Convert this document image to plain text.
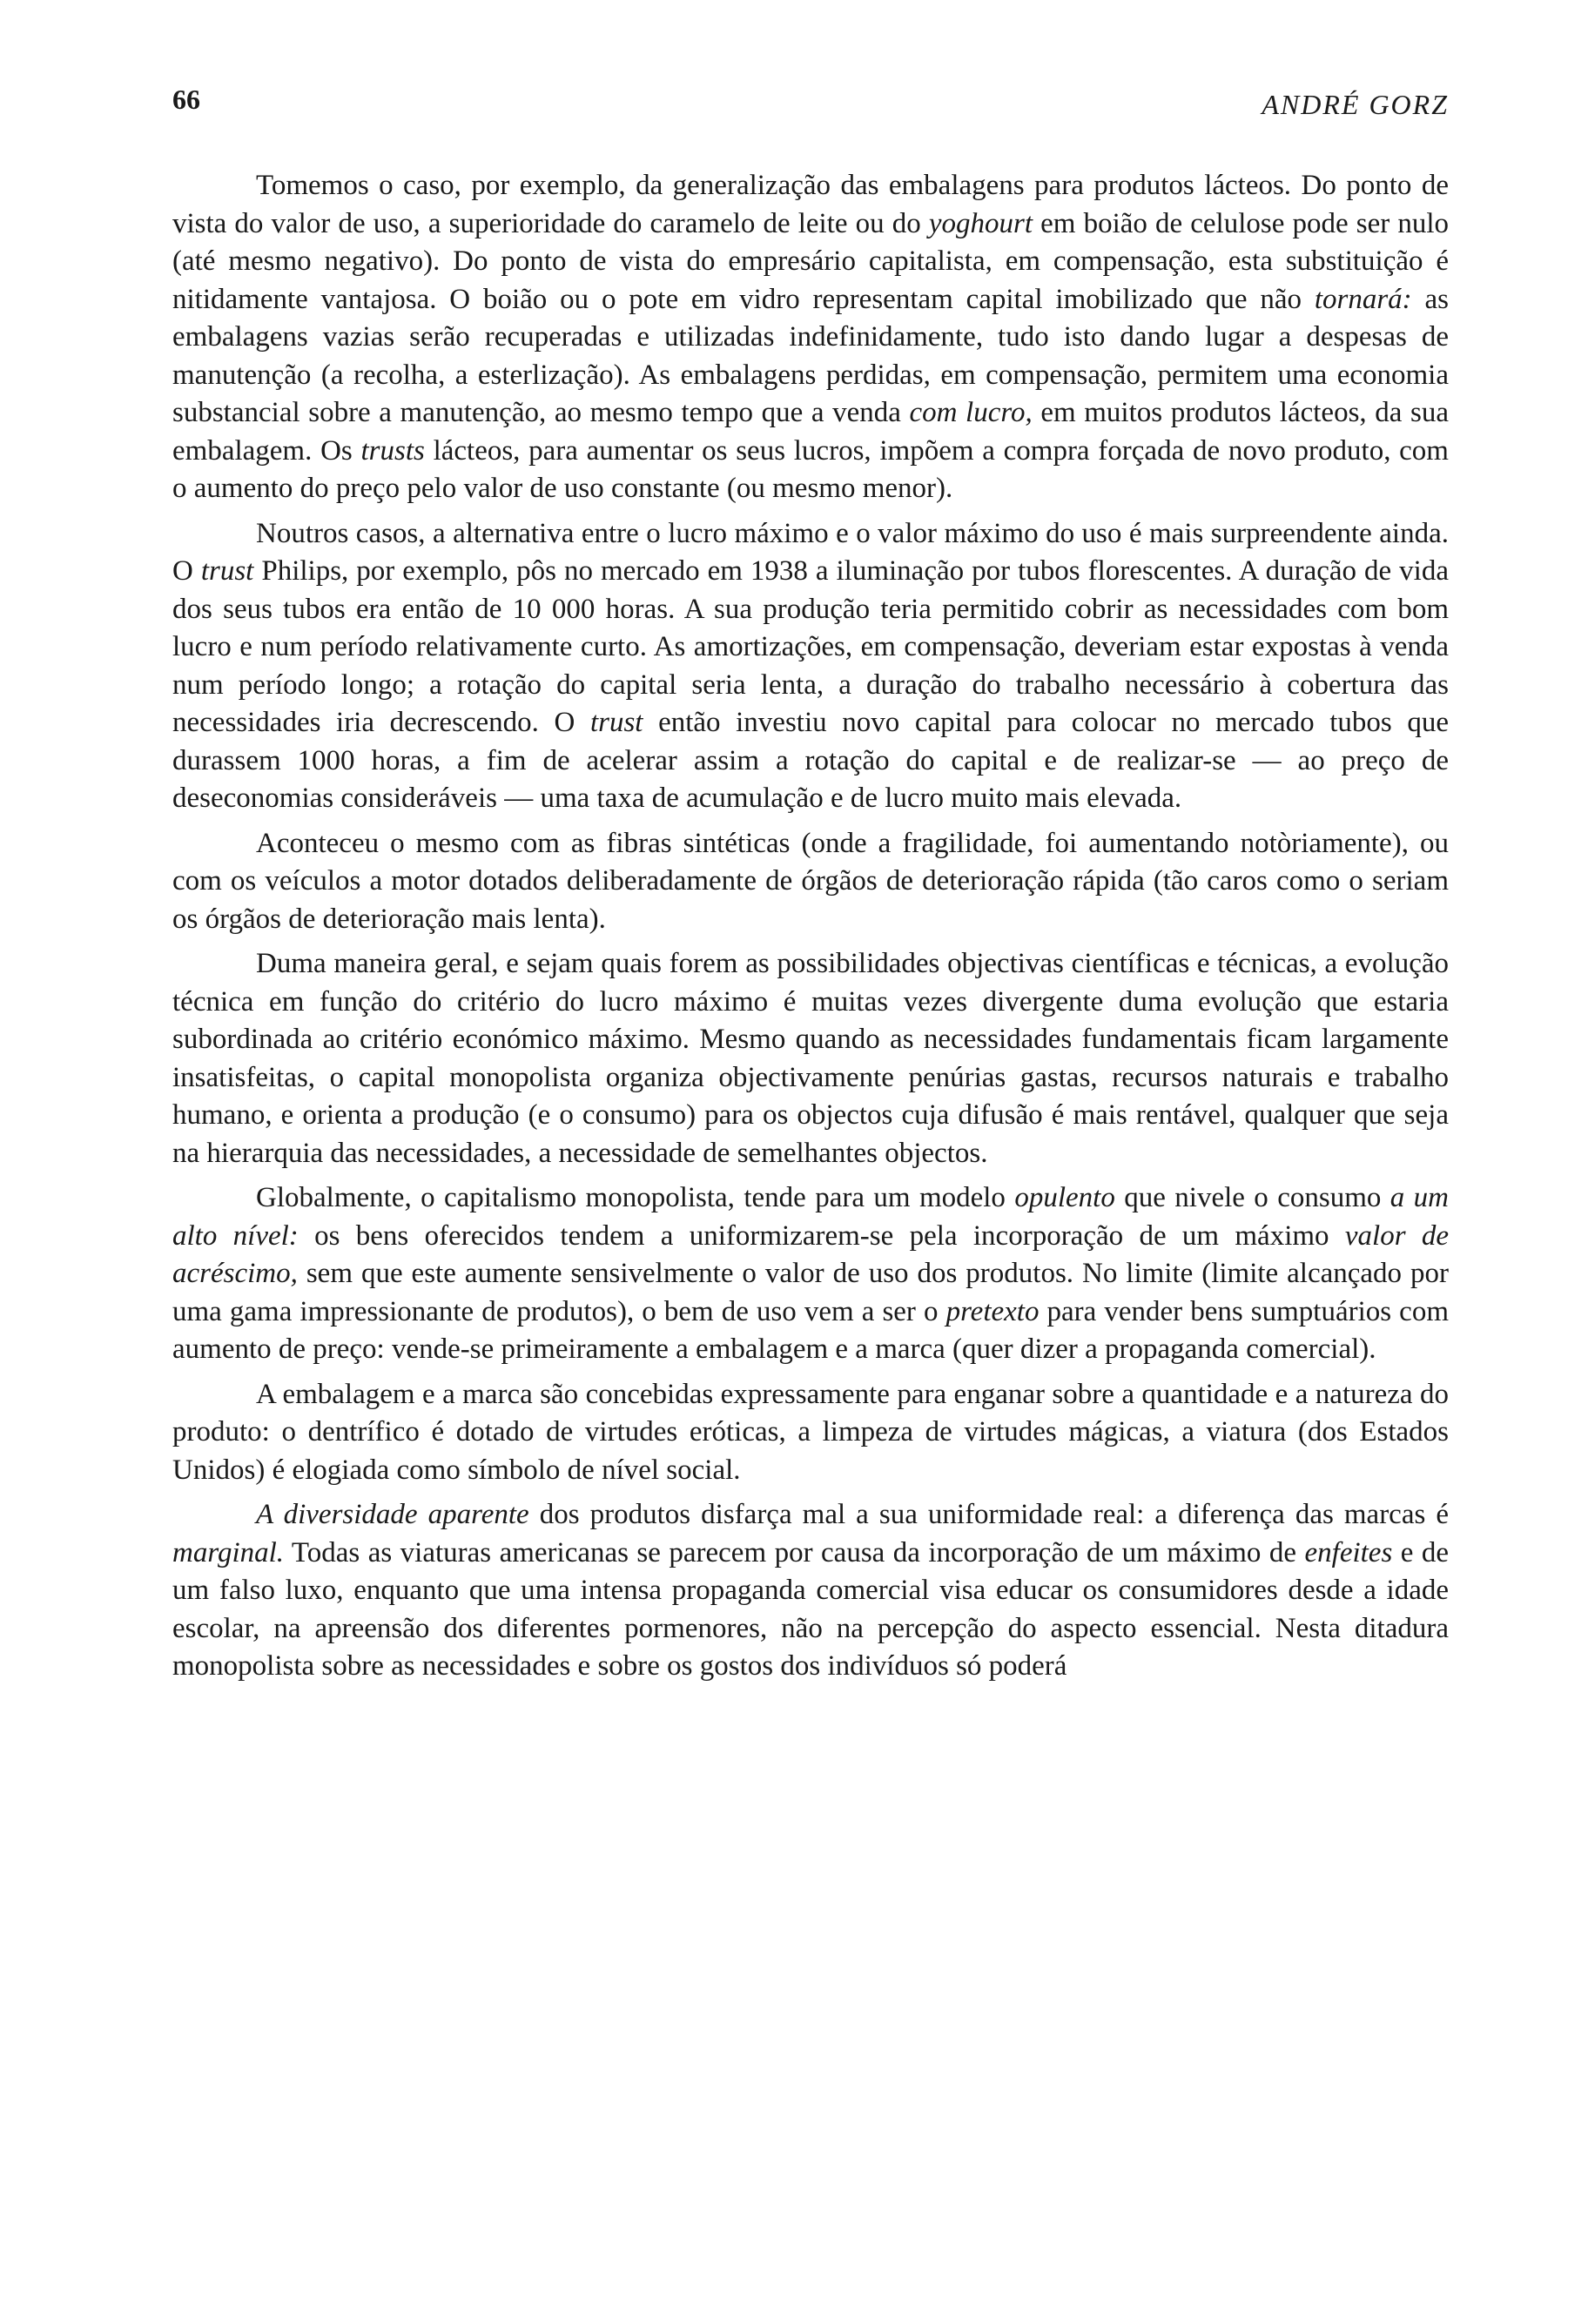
66	ANDRÉ GORZ

Tomemos o caso, por exemplo, da generalização das embalagens para produtos lácteos. Do ponto de vista do valor de uso, a superioridade do caramelo de leite ou do yoghourt em boião de celulose pode ser nulo (até mesmo negativo). Do ponto de vista do empresário capitalista, em compensação, esta substituição é nitidamente vantajosa. O boião ou o pote em vidro representam capital imobilizado que não tornará: as embalagens vazias serão recuperadas e utilizadas indefinidamente, tudo isto dando lugar a despesas de manutenção (a recolha, a esterlização). As embalagens perdidas, em compensação, permitem uma economia substancial sobre a manutenção, ao mesmo tempo que a venda com lucro, em muitos produtos lácteos, da sua embalagem. Os trusts lácteos, para aumentar os seus lucros, impõem a compra forçada de novo produto, com o aumento do preço pelo valor de uso constante (ou mesmo menor).

Noutros casos, a alternativa entre o lucro máximo e o valor máximo do uso é mais surpreendente ainda. O trust Philips, por exemplo, pôs no mercado em 1938 a iluminação por tubos florescentes. A duração de vida dos seus tubos era então de 10 000 horas. A sua produção teria permitido cobrir as necessidades com bom lucro e num período relativamente curto. As amortizações, em compensação, deveriam estar expostas à venda num período longo; a rotação do capital seria lenta, a duração do trabalho necessário à cobertura das necessidades iria decrescendo. O trust então investiu novo capital para colocar no mercado tubos que durassem 1000 horas, a fim de acelerar assim a rotação do capital e de realizar-se — ao preço de deseconomias consideráveis — uma taxa de acumulação e de lucro muito mais elevada.

Aconteceu o mesmo com as fibras sintéticas (onde a fragilidade, foi aumentando notòriamente), ou com os veículos a motor dotados deliberadamente de órgãos de deterioração rápida (tão caros como o seriam os órgãos de deterioração mais lenta).

Duma maneira geral, e sejam quais forem as possibilidades objectivas científicas e técnicas, a evolução técnica em função do critério do lucro máximo é muitas vezes divergente duma evolução que estaria subordinada ao critério económico máximo. Mesmo quando as necessidades fundamentais ficam largamente insatisfeitas, o capital monopolista organiza objectivamente penúrias gastas, recursos naturais e trabalho humano, e orienta a produção (e o consumo) para os objectos cuja difusão é mais rentável, qualquer que seja na hierarquia das necessidades, a necessidade de semelhantes objectos.

Globalmente, o capitalismo monopolista, tende para um modelo opulento que nivele o consumo a um alto nível: os bens oferecidos tendem a uniformizarem-se pela incorporação de um máximo valor de acréscimo, sem que este aumente sensivelmente o valor de uso dos produtos. No limite (limite alcançado por uma gama impressionante de produtos), o bem de uso vem a ser o pretexto para vender bens sumptuários com aumento de preço: vende-se primeiramente a embalagem e a marca (quer dizer a propaganda comercial).

A embalagem e a marca são concebidas expressamente para enganar sobre a quantidade e a natureza do produto: o dentrífico é dotado de virtudes eróticas, a limpeza de virtudes mágicas, a viatura (dos Estados Unidos) é elogiada como símbolo de nível social.

A diversidade aparente dos produtos disfarça mal a sua uniformidade real: a diferença das marcas é marginal. Todas as viaturas americanas se parecem por causa da incorporação de um máximo de enfeites e de um falso luxo, enquanto que uma intensa propaganda comercial visa educar os consumidores desde a idade escolar, na apreensão dos diferentes pormenores, não na percepção do aspecto essencial. Nesta ditadura monopolista sobre as necessidades e sobre os gostos dos indivíduos só poderá
